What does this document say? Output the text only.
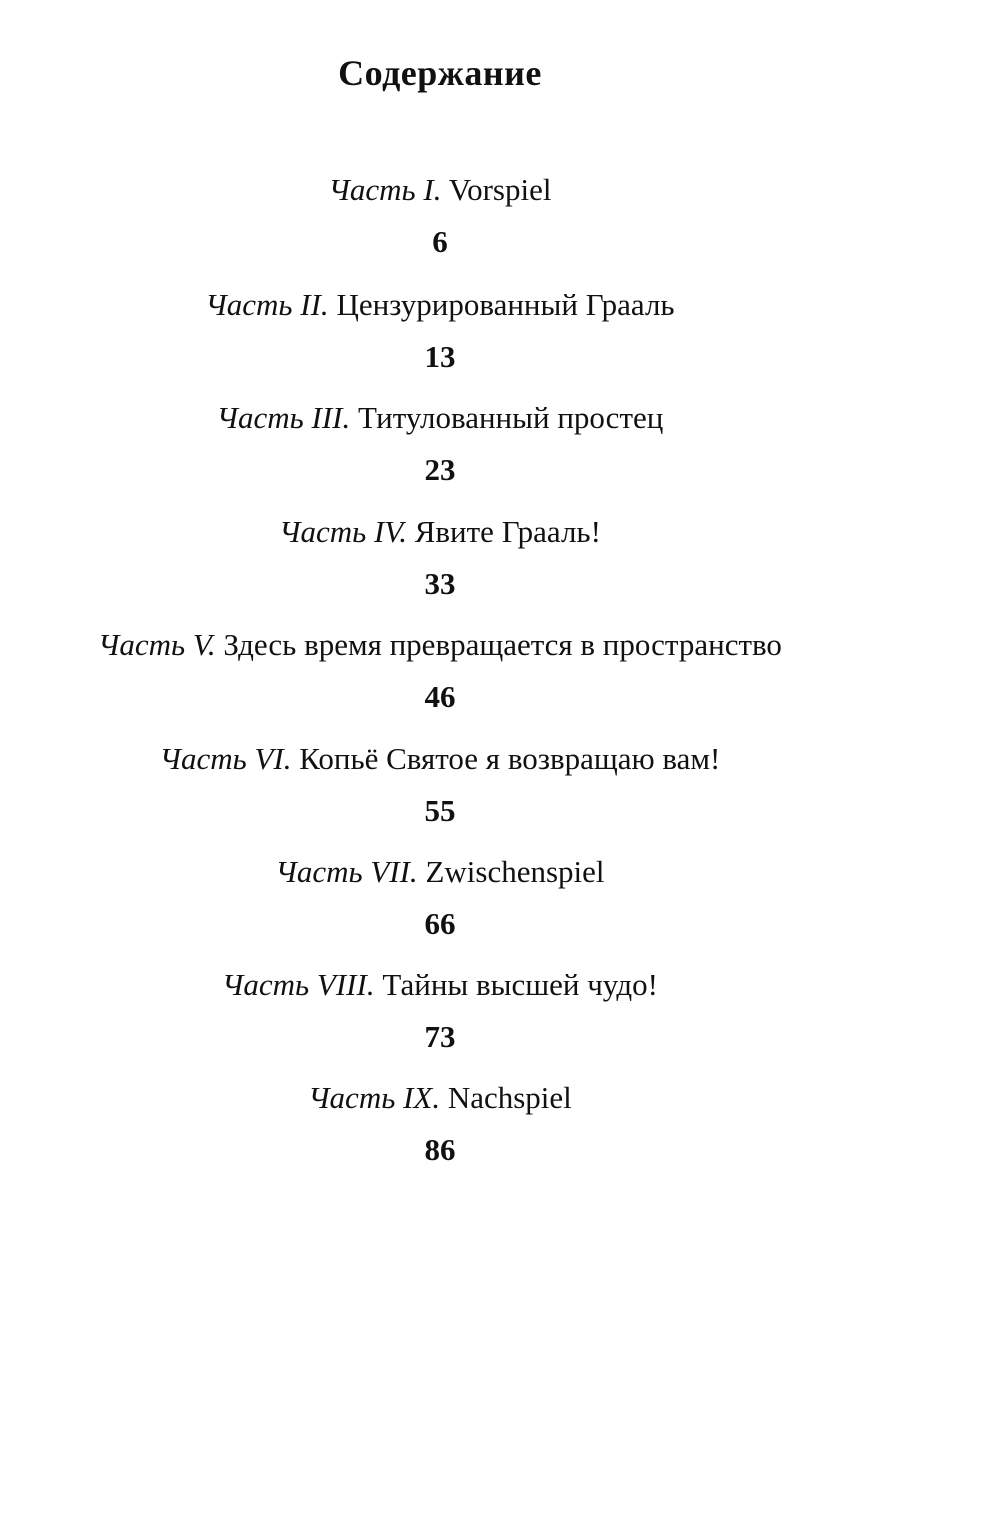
Содержание
Часть I. Vorspiel
6
Часть II. Цензурированный Грааль
13
Часть III. Титулованный простец
23
Часть IV. Явите Грааль!
33
Часть V. Здесь время превращается в пространство
46
Часть VI. Копьё Святое я возвращаю вам!
55
Часть VII. Zwischenspiel
66
Часть VIII. Тайны высшей чудо!
73
Часть IX. Nachspiel
86
